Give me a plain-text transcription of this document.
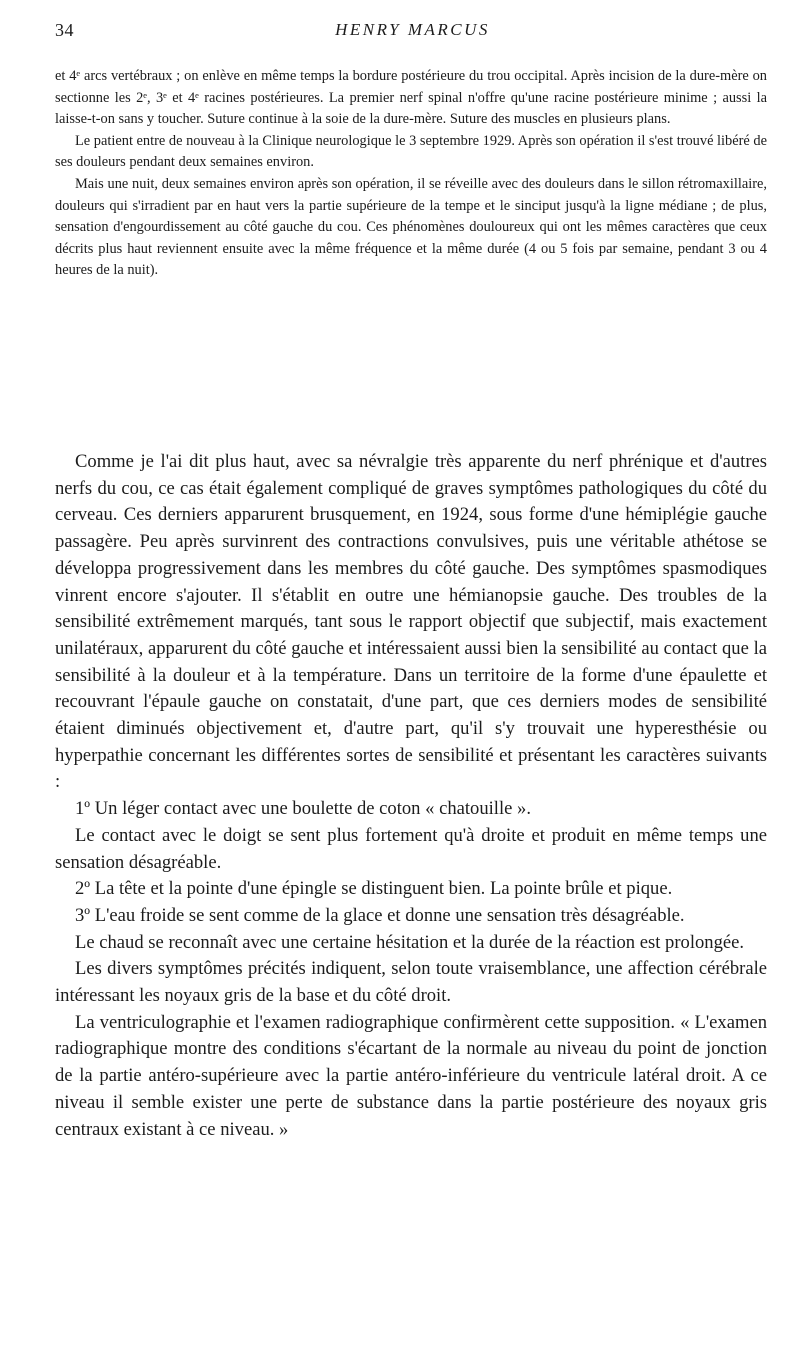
34	HENRY MARCUS

et 4ᵉ arcs vertébraux ; on enlève en même temps la bordure postérieure du trou occipital. Après incision de la dure-mère on sectionne les 2ᵉ, 3ᵉ et 4ᵉ racines postérieures. La premier nerf spinal n'offre qu'une racine postérieure minime ; aussi la laisse-t-on sans y toucher. Suture continue à la soie de la dure-mère. Suture des muscles en plusieurs plans.

Le patient entre de nouveau à la Clinique neurologique le 3 septembre 1929. Après son opération il s'est trouvé libéré de ses douleurs pendant deux semaines environ.

Mais une nuit, deux semaines environ après son opération, il se réveille avec des douleurs dans le sillon rétromaxillaire, douleurs qui s'irradient par en haut vers la partie supérieure de la tempe et le sinciput jusqu'à la ligne médiane ; de plus, sensation d'engourdissement au côté gauche du cou. Ces phénomènes douloureux qui ont les mêmes caractères que ceux décrits plus haut reviennent ensuite avec la même fréquence et la même durée (4 ou 5 fois par semaine, pendant 3 ou 4 heures de la nuit).

Comme je l'ai dit plus haut, avec sa névralgie très apparente du nerf phrénique et d'autres nerfs du cou, ce cas était également compliqué de graves symptômes pathologiques du côté du cerveau. Ces derniers apparurent brusquement, en 1924, sous forme d'une hémiplégie gauche passagère. Peu après survinrent des contractions convulsives, puis une véritable athétose se développa progressivement dans les membres du côté gauche. Des symptômes spasmodiques vinrent encore s'ajouter. Il s'établit en outre une hémianopsie gauche. Des troubles de la sensibilité extrêmement marqués, tant sous le rapport objectif que subjectif, mais exactement unilatéraux, apparurent du côté gauche et intéressaient aussi bien la sensibilité au contact que la sensibilité à la douleur et à la température. Dans un territoire de la forme d'une épaulette et recouvrant l'épaule gauche on constatait, d'une part, que ces derniers modes de sensibilité étaient diminués objectivement et, d'autre part, qu'il s'y trouvait une hyperesthésie ou hyperpathie concernant les différentes sortes de sensibilité et présentant les caractères suivants :

1º Un léger contact avec une boulette de coton « chatouille ».

Le contact avec le doigt se sent plus fortement qu'à droite et produit en même temps une sensation désagréable.

2º La tête et la pointe d'une épingle se distinguent bien. La pointe brûle et pique.

3º L'eau froide se sent comme de la glace et donne une sensation très désagréable.

Le chaud se reconnaît avec une certaine hésitation et la durée de la réaction est prolongée.

Les divers symptômes précités indiquent, selon toute vraisemblance, une affection cérébrale intéressant les noyaux gris de la base et du côté droit.

La ventriculographie et l'examen radiographique confirmèrent cette supposition. « L'examen radiographique montre des conditions s'écartant de la normale au niveau du point de jonction de la partie antéro-supérieure avec la partie antéro-inférieure du ventricule latéral droit. A ce niveau il semble exister une perte de substance dans la partie postérieure des noyaux gris centraux existant à ce niveau. »
